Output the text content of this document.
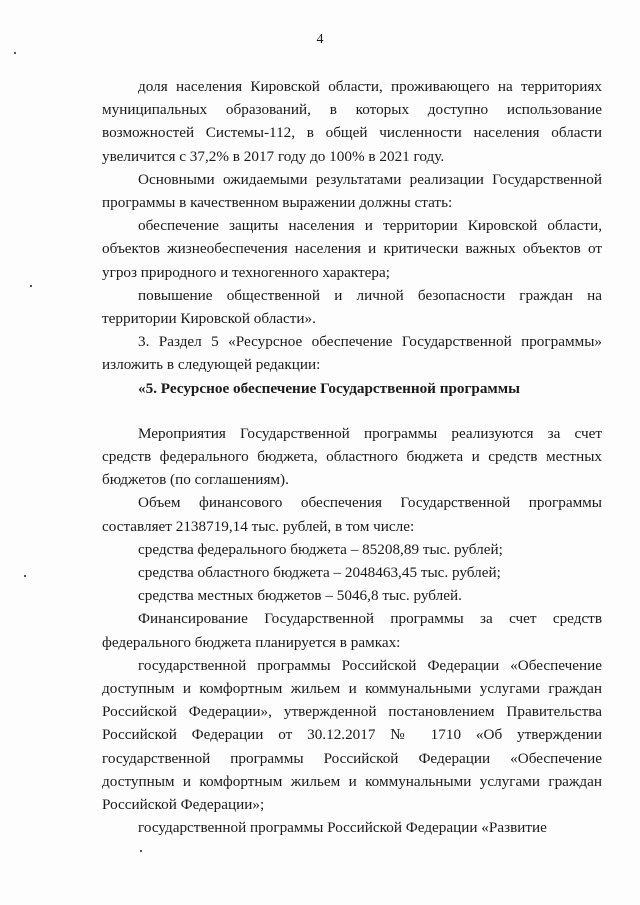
4

доля населения Кировской области, проживающего на территориях муниципальных образований, в которых доступно использование возможностей Системы-112, в общей численности населения области увеличится с 37,2% в 2017 году до 100% в 2021 году.

Основными ожидаемыми результатами реализации Государственной программы в качественном выражении должны стать:

обеспечение защиты населения и территории Кировской области, объектов жизнеобеспечения населения и критически важных объектов от угроз природного и техногенного характера;

повышение общественной и личной безопасности граждан на территории Кировской области».

3. Раздел 5 «Ресурсное обеспечение Государственной программы» изложить в следующей редакции:

«5. Ресурсное обеспечение Государственной программы

Мероприятия Государственной программы реализуются за счет средств федерального бюджета, областного бюджета и средств местных бюджетов (по соглашениям).

Объем финансового обеспечения Государственной программы составляет 2138719,14 тыс. рублей, в том числе:

средства федерального бюджета – 85208,89 тыс. рублей;

средства областного бюджета – 2048463,45 тыс. рублей;

средства местных бюджетов – 5046,8 тыс. рублей.

Финансирование Государственной программы за счет средств федерального бюджета планируется в рамках:

государственной программы Российской Федерации «Обеспечение доступным и комфортным жильем и коммунальными услугами граждан Российской Федерации», утвержденной постановлением Правительства Российской Федерации от 30.12.2017 № 1710 «Об утверждении государственной программы Российской Федерации «Обеспечение доступным и комфортным жильем и коммунальными услугами граждан Российской Федерации»;

государственной программы Российской Федерации «Развитие
